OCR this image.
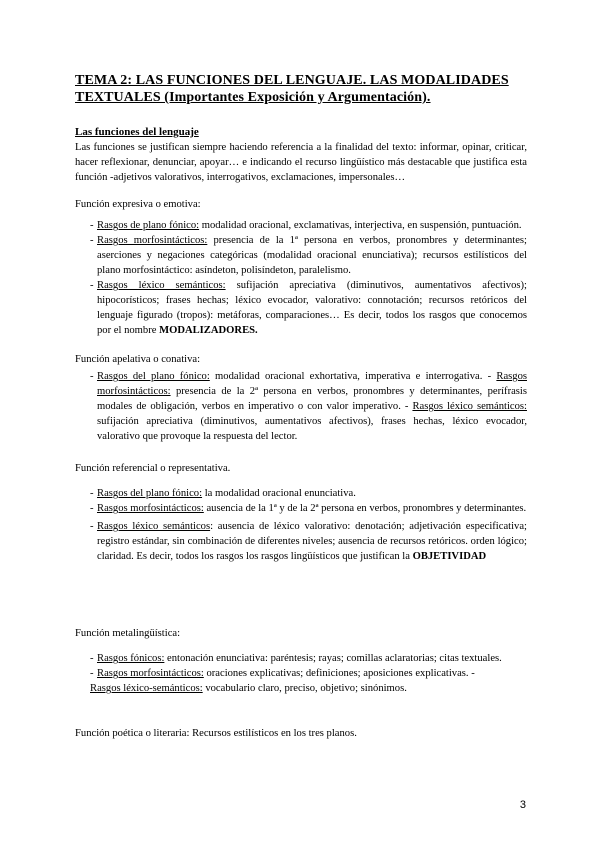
TEMA 2: LAS FUNCIONES DEL LENGUAJE. LAS MODALIDADES
TEXTUALES (Importantes Exposición y Argumentación).
Las funciones del lenguaje
Las funciones se justifican siempre haciendo referencia a la finalidad del texto: informar, opinar, criticar, hacer reflexionar, denunciar, apoyar… e indicando el recurso lingüístico más destacable que justifica esta función -adjetivos valorativos, interrogativos, exclamaciones, impersonales…
Función expresiva o emotiva:
- Rasgos de plano fónico: modalidad oracional, exclamativas, interjectiva, en suspensión, puntuación.
- Rasgos morfosintácticos: presencia de la 1ª persona en verbos, pronombres y determinantes; aserciones y negaciones categóricas (modalidad oracional enunciativa); recursos estilísticos del plano morfosintáctico: asíndeton, polisíndeton, paralelismo.
- Rasgos léxico semánticos: sufijación apreciativa (diminutivos, aumentativos afectivos); hipocorísticos; frases hechas; léxico evocador, valorativo: connotación; recursos retóricos del lenguaje figurado (tropos): metáforas, comparaciones… Es decir, todos los rasgos que conocemos por el nombre MODALIZADORES.
Función apelativa o conativa:
- Rasgos del plano fónico: modalidad oracional exhortativa, imperativa e interrogativa. - Rasgos morfosintácticos: presencia de la 2ª persona en verbos, pronombres y determinantes, perífrasis modales de obligación, verbos en imperativo o con valor imperativo. - Rasgos léxico semánticos: sufijación apreciativa (diminutivos, aumentativos afectivos), frases hechas, léxico evocador, valorativo que provoque la respuesta del lector.
Función referencial o representativa.
- Rasgos del plano fónico: la modalidad oracional enunciativa.
- Rasgos morfosintácticos: ausencia de la 1ª y de la 2ª persona en verbos, pronombres y determinantes.
- Rasgos léxico semánticos: ausencia de léxico valorativo: denotación; adjetivación especificativa; registro estándar, sin combinación de diferentes niveles; ausencia de recursos retóricos. orden lógico; claridad. Es decir, todos los rasgos los rasgos lingüísticos que justifican la OBJETIVIDAD
Función metalingüística:
- Rasgos fónicos: entonación enunciativa: paréntesis; rayas; comillas aclaratorias; citas textuales.
- Rasgos morfosintácticos: oraciones explicativas; definiciones; aposiciones explicativas. -
Rasgos léxico-semánticos: vocabulario claro, preciso, objetivo; sinónimos.
Función poética o literaria: Recursos estilísticos en los tres planos.
3
